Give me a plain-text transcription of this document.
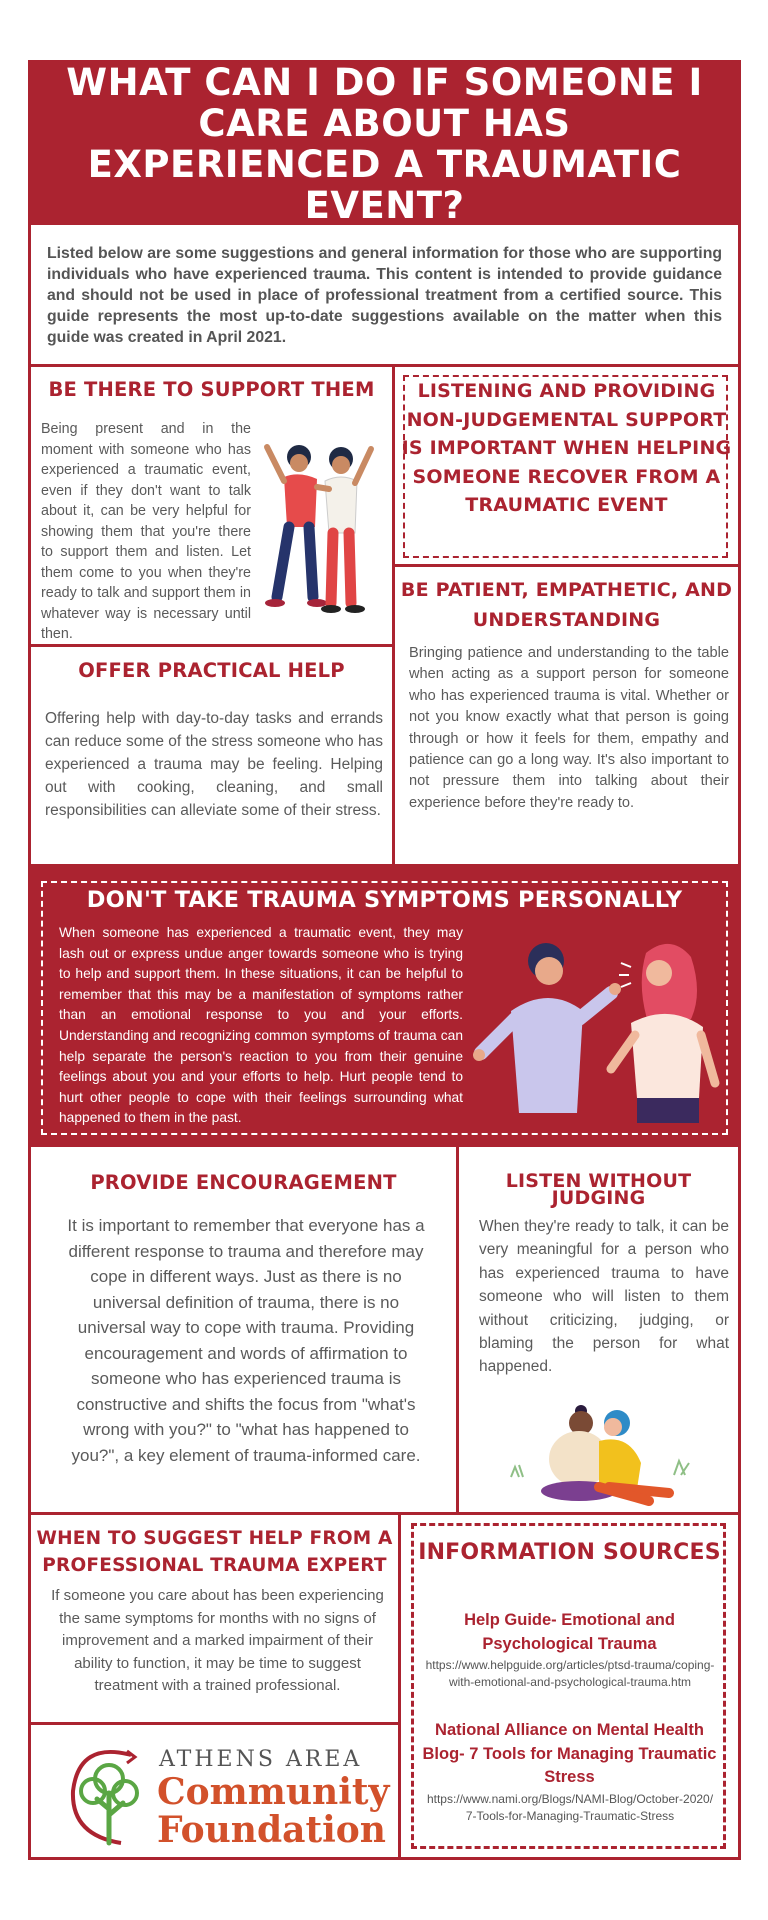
WHAT CAN I DO IF SOMEONE I CARE ABOUT HAS EXPERIENCED A TRAUMATIC EVENT?
Listed below are some suggestions and general information for those who are supporting individuals who have experienced trauma. This content is intended to provide guidance and should not be used in place of professional treatment from a certified source. This guide represents the most up-to-date suggestions available on the matter when this guide was created in April 2021.
BE THERE TO SUPPORT THEM
Being present and in the moment with someone who has experienced a traumatic event, even if they don't want to talk about it, can be very helpful for showing them that you're there to support them and listen. Let them come to you when they're ready to talk and support them in whatever way is necessary until then.
LISTENING AND PROVIDING NON-JUDGEMENTAL SUPPORT IS IMPORTANT WHEN HELPING SOMEONE RECOVER FROM A TRAUMATIC EVENT
BE PATIENT, EMPATHETIC, AND UNDERSTANDING
Bringing patience and understanding to the table when acting as a support person for someone who has experienced trauma is vital. Whether or not you know exactly what that person is going through or how it feels for them, empathy and patience can go a long way. It's also important to not pressure them into talking about their experience before they're ready to.
OFFER PRACTICAL HELP
Offering help with day-to-day tasks and errands can reduce some of the stress someone who has experienced a trauma may be feeling. Helping out with cooking, cleaning, and small responsibilities can alleviate some of their stress.
DON'T TAKE TRAUMA SYMPTOMS PERSONALLY
When someone has experienced a traumatic event, they may lash out or express undue anger towards someone who is trying to help and support them. In these situations, it can be helpful to remember that this may be a manifestation of symptoms rather than an emotional response to you and your efforts. Understanding and recognizing common symptoms of trauma can help separate the person's reaction to you from their genuine feelings about you and your efforts to help. Hurt people tend to hurt other people to cope with their feelings surrounding what happened to them in the past.
PROVIDE ENCOURAGEMENT
It is important to remember that everyone has a different response to trauma and therefore may cope in different ways. Just as there is no universal definition of trauma, there is no universal way to cope with trauma. Providing encouragement and words of affirmation to someone who has experienced trauma is constructive and shifts the focus from "what's wrong with you?" to "what has happened to you?", a key element of trauma-informed care.
LISTEN WITHOUT JUDGING
When they're ready to talk, it can be very meaningful for a person who has experienced trauma to have someone who will listen to them without criticizing, judging, or blaming the person for what happened.
WHEN TO SUGGEST HELP FROM A PROFESSIONAL TRAUMA EXPERT
If someone you care about has been experiencing the same symptoms for months with no signs of improvement and a marked impairment of their ability to function, it may be time to suggest treatment with a trained professional.
ATHENS AREA
Community
Foundation
INFORMATION SOURCES
Help Guide- Emotional and Psychological Trauma
https://www.helpguide.org/articles/ptsd-trauma/coping-with-emotional-and-psychological-trauma.htm
National Alliance on Mental Health Blog- 7 Tools for Managing Traumatic Stress
https://www.nami.org/Blogs/NAMI-Blog/October-2020/7-Tools-for-Managing-Traumatic-Stress
